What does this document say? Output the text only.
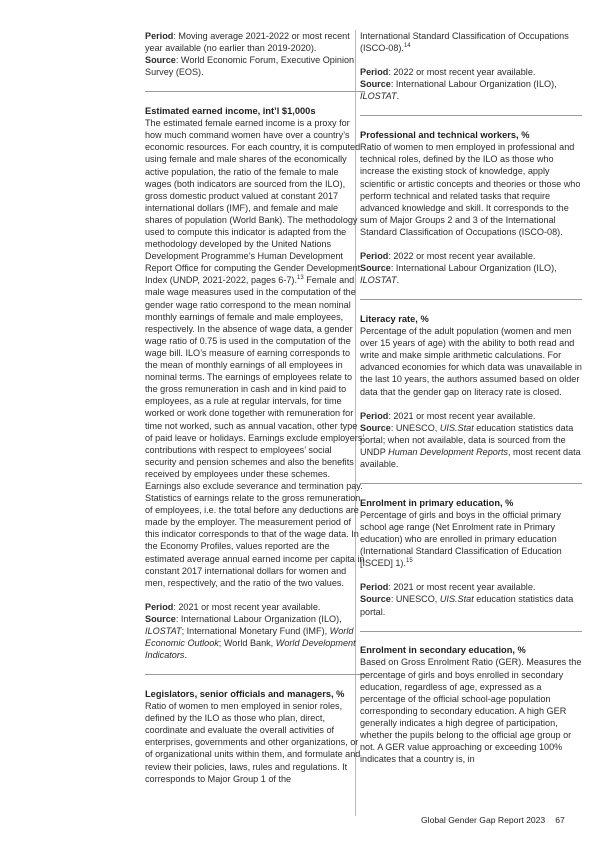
Period: Moving average 2021-2022 or most recent year available (no earlier than 2019-2020).

Source: World Economic Forum, Executive Opinion Survey (EOS).

Estimated earned income, int’l $1,000s

The estimated female earned income is a proxy for how much command women have over a country’s economic resources. For each country, it is computed using female and male shares of the economically active population, the ratio of the female to male wages (both indicators are sourced from the ILO), gross domestic product valued at constant 2017 international dollars (IMF), and female and male shares of population (World Bank). The methodology used to compute this indicator is adapted from the methodology developed by the United Nations Development Programme’s Human Development Report Office for computing the Gender Development Index (UNDP, 2021-2022, pages 6-7).$^{13}$ Female and male wage measures used in the computation of the gender wage ratio correspond to the mean nominal monthly earnings of female and male employees, respectively. In the absence of wage data, a gender wage ratio of 0.75 is used in the computation of the wage bill. ILO’s measure of earning corresponds to the mean of monthly earnings of all employees in nominal terms. The earnings of employees relate to the gross remuneration in cash and in kind paid to employees, as a rule at regular intervals, for time worked or work done together with remuneration for time not worked, such as annual vacation, other type of paid leave or holidays. Earnings exclude employers’ contributions with respect to employees’ social security and pension schemes and also the benefits received by employees under these schemes. Earnings also exclude severance and termination pay. Statistics of earnings relate to the gross remuneration of employees, i.e. the total before any deductions are made by the employer. The measurement period of this indicator corresponds to that of the wage data. In the Economy Profiles, values reported are the estimated average annual earned income per capita in constant 2017 international dollars for women and men, respectively, and the ratio of the two values.

Period: 2021 or most recent year available.

Source: International Labour Organization (ILO), ILOSTAT; International Monetary Fund (IMF), World Economic Outlook; World Bank, World Development Indicators.

Legislators, senior officials and managers, %

Ratio of women to men employed in senior roles, defined by the ILO as those who plan, direct, coordinate and evaluate the overall activities of enterprises, governments and other organizations, or of organizational units within them, and formulate and review their policies, laws, rules and regulations. It corresponds to Major Group 1 of the

International Standard Classification of Occupations (ISCO-08).$^{14}$

Period: 2022 or most recent year available.

Source: International Labour Organization (ILO), ILOSTAT.

Professional and technical workers, %

Ratio of women to men employed in professional and technical roles, defined by the ILO as those who increase the existing stock of knowledge, apply scientific or artistic concepts and theories or those who perform technical and related tasks that require advanced knowledge and skill. It corresponds to the sum of Major Groups 2 and 3 of the International Standard Classification of Occupations (ISCO-08).

Period: 2022 or most recent year available.

Source: International Labour Organization (ILO), ILOSTAT.

Literacy rate, %

Percentage of the adult population (women and men over 15 years of age) with the ability to both read and write and make simple arithmetic calculations. For advanced economies for which data was unavailable in the last 10 years, the authors assumed based on older data that the gender gap on literacy rate is closed.

Period: 2021 or most recent year available.

Source: UNESCO, UIS.Stat education statistics data portal; when not available, data is sourced from the UNDP Human Development Reports, most recent data available.

Enrolment in primary education, %

Percentage of girls and boys in the official primary school age range (Net Enrolment rate in Primary education) who are enrolled in primary education (International Standard Classification of Education [ISCED] 1).$^{15}$

Period: 2021 or most recent year available.

Source: UNESCO, UIS.Stat education statistics data portal.

Enrolment in secondary education, %

Based on Gross Enrolment Ratio (GER). Measures the percentage of girls and boys enrolled in secondary education, regardless of age, expressed as a percentage of the official school-age population corresponding to secondary education. A high GER generally indicates a high degree of participation, whether the pupils belong to the official age group or not. A GER value approaching or exceeding 100% indicates that a country is, in

Global Gender Gap Report 2023 67
